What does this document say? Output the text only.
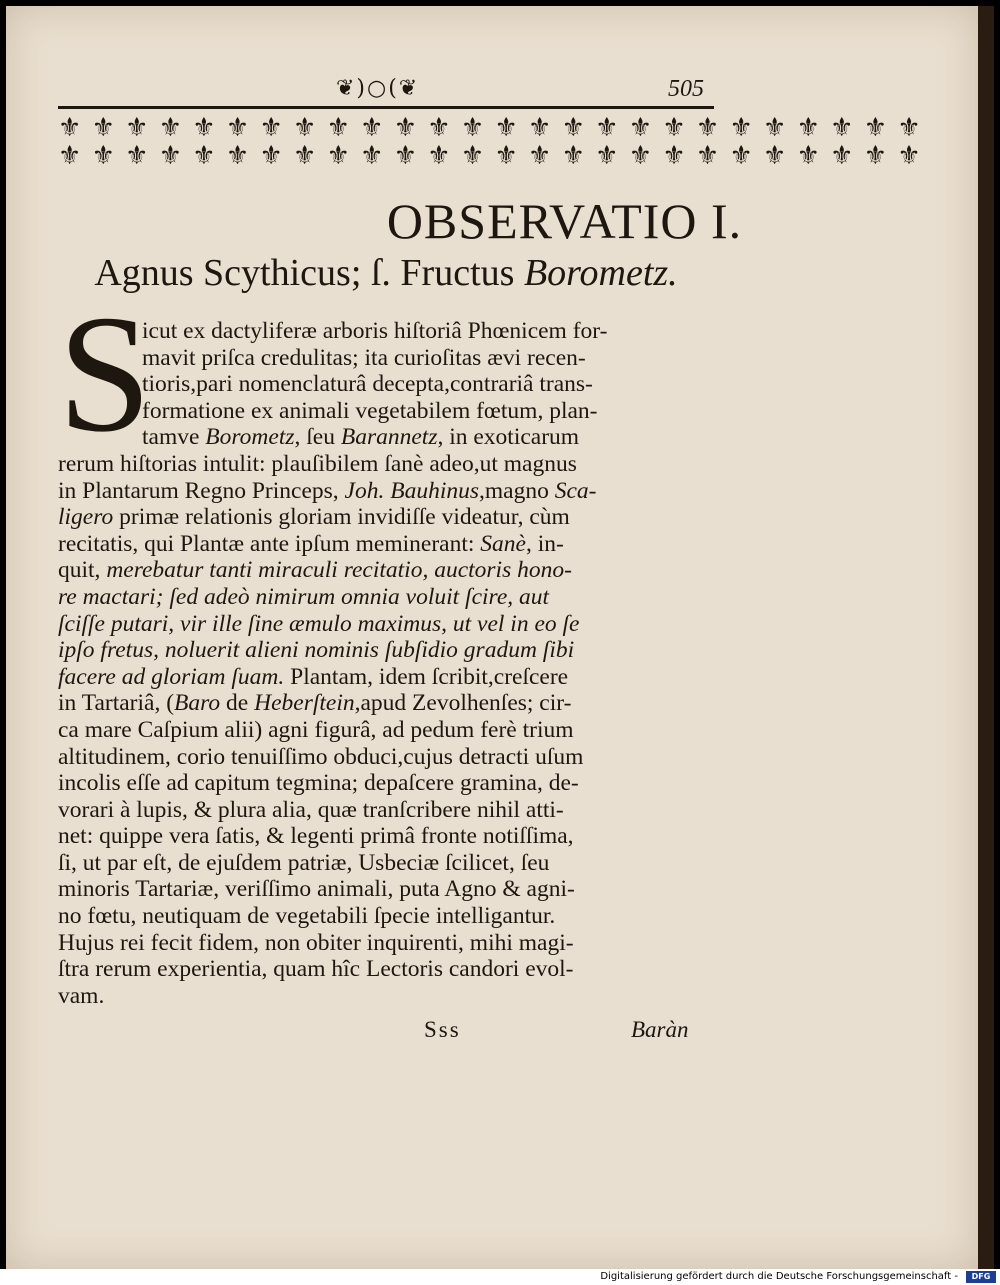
❦)○(❦	505
⚜ ⚜ ⚜ ⚜ ⚜ ⚜ ⚜ ⚜ ⚜ ⚜ ⚜ ⚜ ⚜ ⚜ ⚜ ⚜ ⚜ ⚜ ⚜ ⚜ ⚜ ⚜ ⚜ ⚜ ⚜ ⚜
⚜ ⚜ ⚜ ⚜ ⚜ ⚜ ⚜ ⚜ ⚜ ⚜ ⚜ ⚜ ⚜ ⚜ ⚜ ⚜ ⚜ ⚜ ⚜ ⚜ ⚜ ⚜ ⚜ ⚜ ⚜ ⚜
OBSERVATIO I.
Agnus Scythicus; ſ. Fructus Borometz.
S
icut ex dactyliferæ arboris hiſtoriâ Phœnicem for-
mavit priſca credulitas; ita curioſitas ævi recen-
tioris,pari nomenclaturâ decepta,contrariâ trans-
formatione ex animali vegetabilem fœtum, plan-
tamve Borometz, ſeu Barannetz, in exoticarum
rerum hiſtorias intulit: plauſibilem ſanè adeo,ut magnus
in Plantarum Regno Princeps, Joh. Bauhinus,magno Sca-
ligero primæ relationis gloriam invidiſſe videatur, cùm
recitatis, qui Plantæ ante ipſum meminerant: Sanè, in-
quit, merebatur tanti miraculi recitatio, auctoris hono-
re mactari; ſed adeò nimirum omnia voluit ſcire, aut
ſciſſe putari, vir ille ſine æmulo maximus, ut vel in eo ſe
ipſo fretus, noluerit alieni nominis ſubſidio gradum ſibi
facere ad gloriam ſuam. Plantam, idem ſcribit,creſcere
in Tartariâ, (Baro de Heberſtein,apud Zevolhenſes; cir-
ca mare Caſpium alii) agni figurâ, ad pedum ferè trium
altitudinem, corio tenuiſſimo obduci,cujus detracti uſum
incolis eſſe ad capitum tegmina; depaſcere gramina, de-
vorari à lupis, & plura alia, quæ tranſcribere nihil atti-
net: quippe vera ſatis, & legenti primâ fronte notiſſima,
ſi, ut par eſt, de ejuſdem patriæ, Usbeciæ ſcilicet, ſeu
minoris Tartariæ, veriſſimo animali, puta Agno & agni-
no fœtu, neutiquam de vegetabili ſpecie intelligantur.
Hujus rei fecit fidem, non obiter inquirenti, mihi magi-
ſtra rerum experientia, quam hîc Lectoris candori evol-
vam.
Sss	Baràn
Digitalisierung gefördert durch die Deutsche Forschungsgemeinschaft -	DFG
